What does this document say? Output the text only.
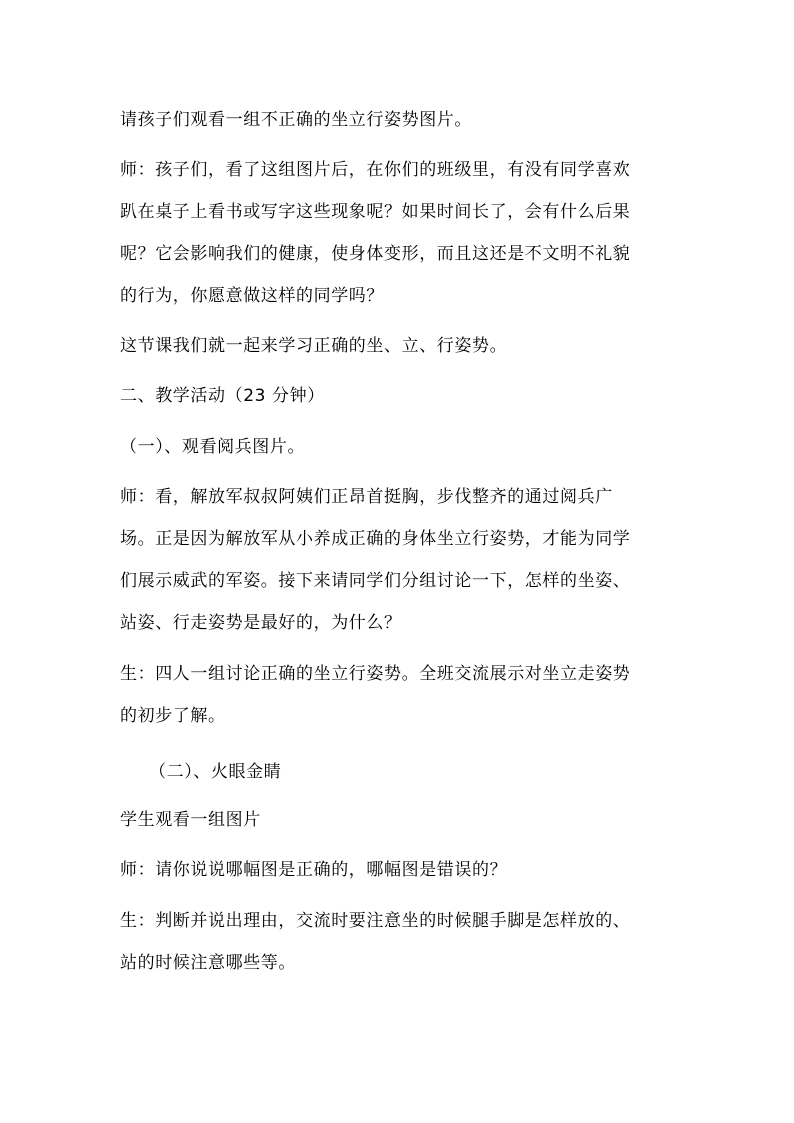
请孩子们观看一组不正确的坐立行姿势图片。
师：孩子们，看了这组图片后，在你们的班级里，有没有同学喜欢
趴在桌子上看书或写字这些现象呢？如果时间长了，会有什么后果
呢？它会影响我们的健康，使身体变形，而且这还是不文明不礼貌
的行为，你愿意做这样的同学吗？
这节课我们就一起来学习正确的坐、立、行姿势。
二、教学活动（23 分钟）
（一）、观看阅兵图片。
师：看，解放军叔叔阿姨们正昂首挺胸，步伐整齐的通过阅兵广
场。正是因为解放军从小养成正确的身体坐立行姿势，才能为同学
们展示威武的军姿。接下来请同学们分组讨论一下，怎样的坐姿、
站姿、行走姿势是最好的，为什么？
生：四人一组讨论正确的坐立行姿势。全班交流展示对坐立走姿势
的初步了解。
（二）、火眼金睛
学生观看一组图片
师：请你说说哪幅图是正确的，哪幅图是错误的？
生：判断并说出理由，交流时要注意坐的时候腿手脚是怎样放的、
站的时候注意哪些等。
